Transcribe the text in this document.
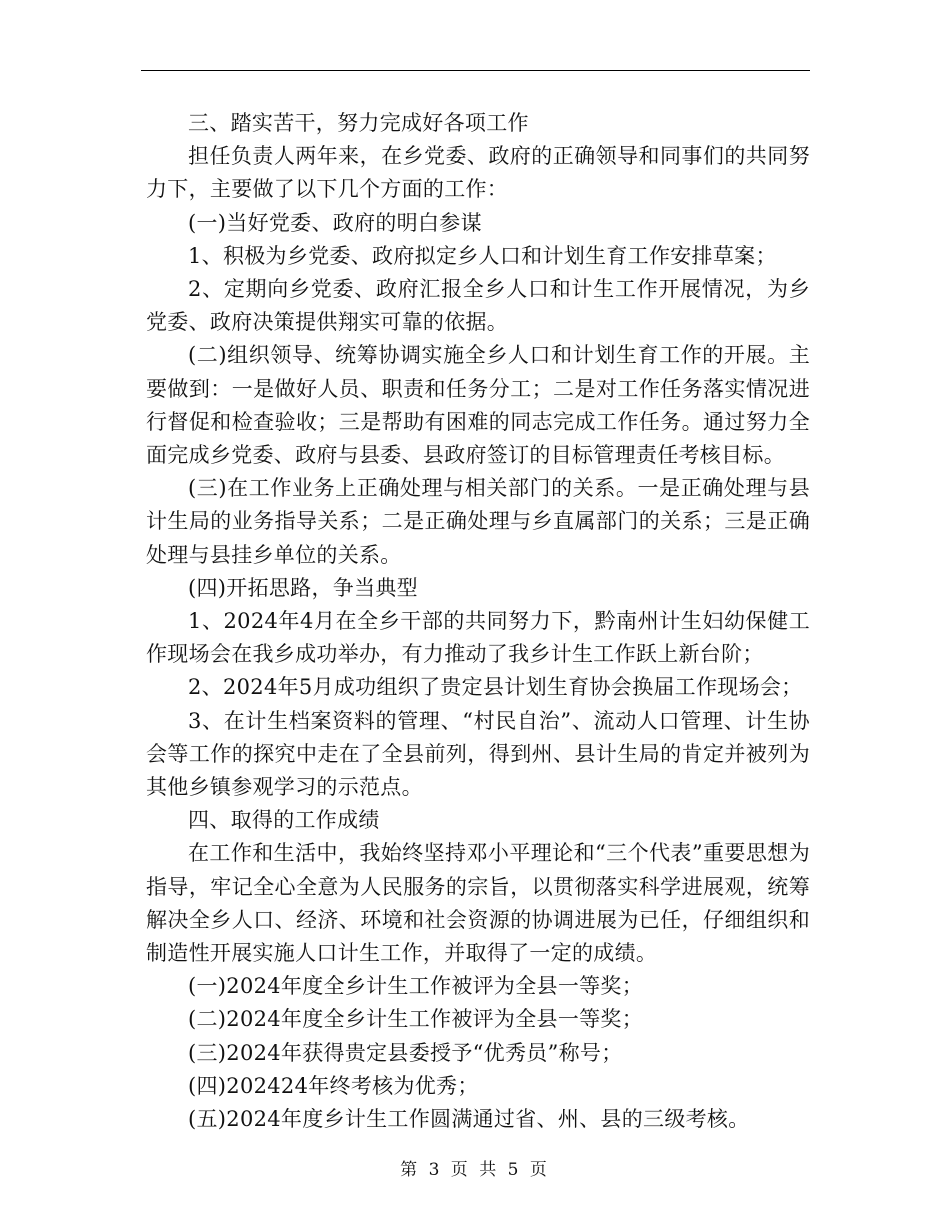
三、踏实苦干，努力完成好各项工作

担任负责人两年来，在乡党委、政府的正确领导和同事们的共同努力下，主要做了以下几个方面的工作：

(一)当好党委、政府的明白参谋

1、积极为乡党委、政府拟定乡人口和计划生育工作安排草案；

2、定期向乡党委、政府汇报全乡人口和计生工作开展情况，为乡党委、政府决策提供翔实可靠的依据。

(二)组织领导、统筹协调实施全乡人口和计划生育工作的开展。主要做到：一是做好人员、职责和任务分工；二是对工作任务落实情况进行督促和检查验收；三是帮助有困难的同志完成工作任务。通过努力全面完成乡党委、政府与县委、县政府签订的目标管理责任考核目标。

(三)在工作业务上正确处理与相关部门的关系。一是正确处理与县计生局的业务指导关系；二是正确处理与乡直属部门的关系；三是正确处理与县挂乡单位的关系。

(四)开拓思路，争当典型

1、2024年4月在全乡干部的共同努力下，黔南州计生妇幼保健工作现场会在我乡成功举办，有力推动了我乡计生工作跃上新台阶；

2、2024年5月成功组织了贵定县计划生育协会换届工作现场会；

3、在计生档案资料的管理、“村民自治”、流动人口管理、计生协会等工作的探究中走在了全县前列，得到州、县计生局的肯定并被列为其他乡镇参观学习的示范点。

四、取得的工作成绩

在工作和生活中，我始终坚持邓小平理论和“三个代表”重要思想为指导，牢记全心全意为人民服务的宗旨，以贯彻落实科学进展观，统筹解决全乡人口、经济、环境和社会资源的协调进展为已任，仔细组织和制造性开展实施人口计生工作，并取得了一定的成绩。

(一)2024年度全乡计生工作被评为全县一等奖；

(二)2024年度全乡计生工作被评为全县一等奖；

(三)2024年获得贵定县委授予“优秀员”称号；

(四)202424年终考核为优秀；

(五)2024年度乡计生工作圆满通过省、州、县的三级考核。

第 3 页 共 5 页
